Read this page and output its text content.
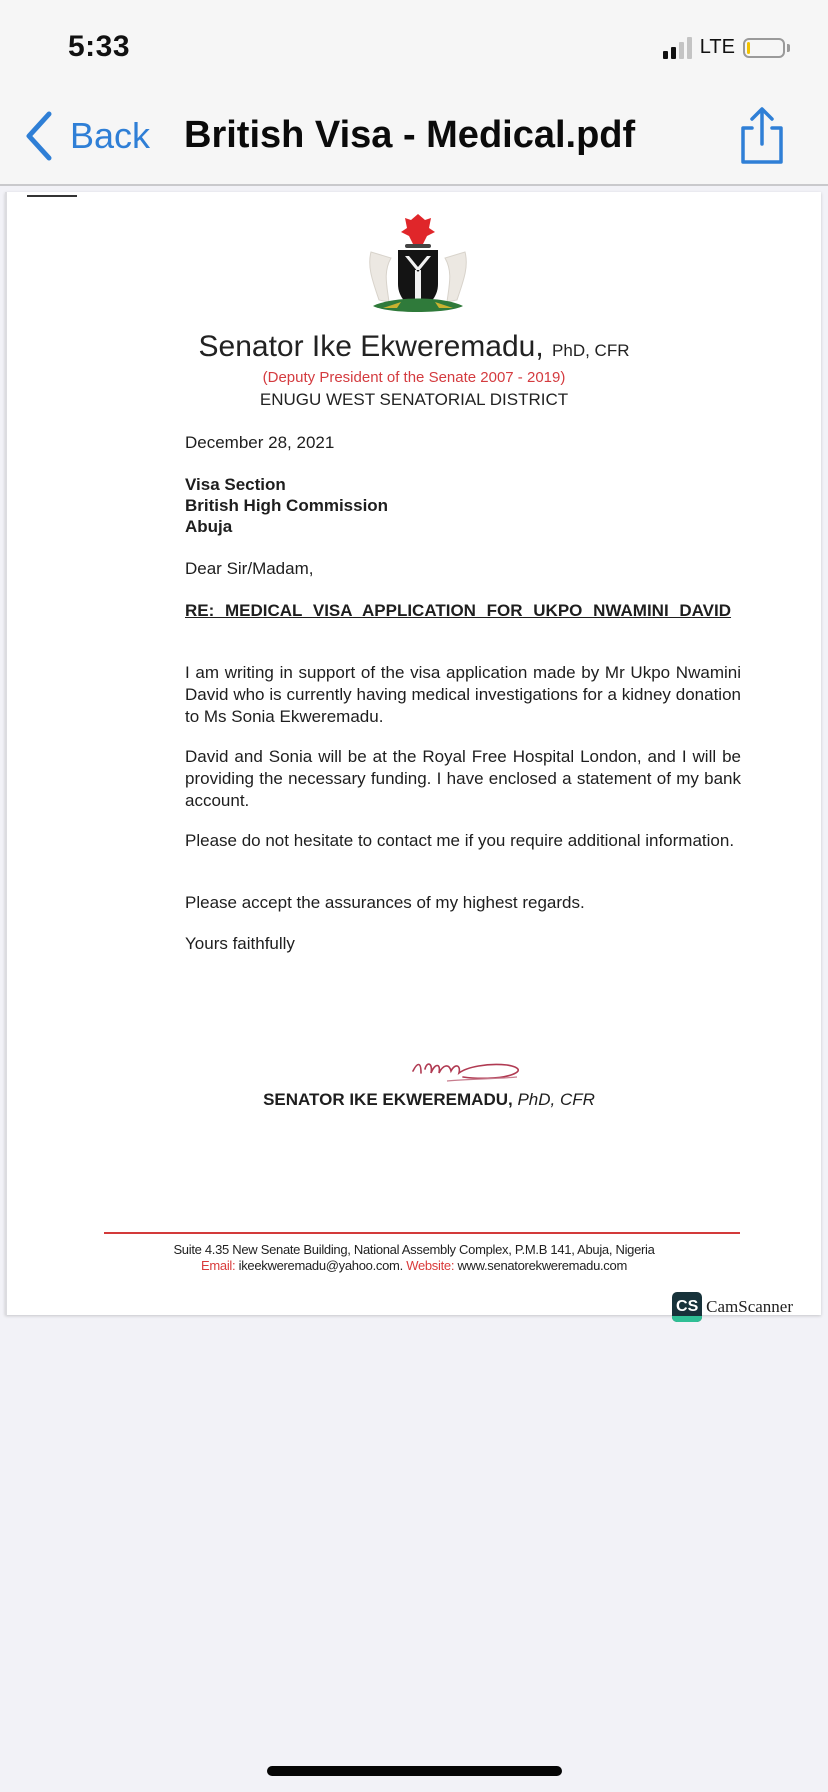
5:33	LTE
Back British Visa - Medical.pdf
Senator Ike Ekweremadu, PhD, CFR
(Deputy President of the Senate 2007 - 2019)
ENUGU WEST SENATORIAL DISTRICT
December 28, 2021
Visa Section
British High Commission
Abuja
Dear Sir/Madam,
RE: MEDICAL VISA APPLICATION FOR UKPO NWAMINI DAVID
I am writing in support of the visa application made by Mr Ukpo Nwamini David who is currently having medical investigations for a kidney donation to Ms Sonia Ekweremadu.
David and Sonia will be at the Royal Free Hospital London, and I will be providing the necessary funding. I have enclosed a statement of my bank account.
Please do not hesitate to contact me if you require additional information.
Please accept the assurances of my highest regards.
Yours faithfully
SENATOR IKE EKWEREMADU, PhD, CFR
Suite 4.35 New Senate Building, National Assembly Complex, P.M.B 141, Abuja, Nigeria
Email: ikeekweremadu@yahoo.com. Website: www.senatorekweremadu.com
CS CamScanner
